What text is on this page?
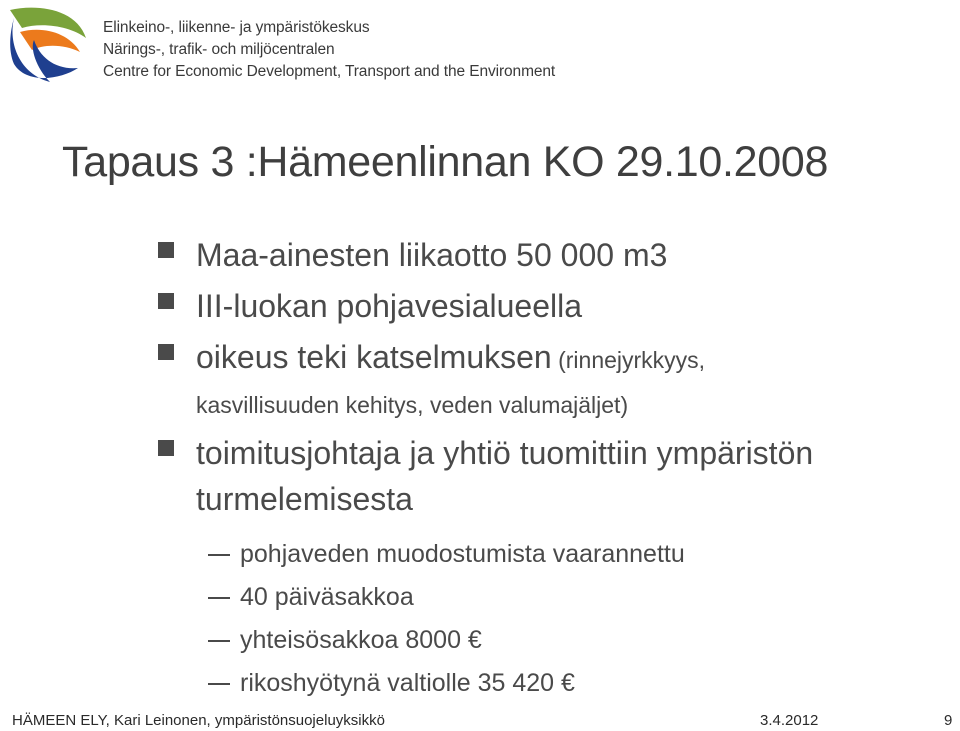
Elinkeino-, liikenne- ja ympäristökeskus
Närings-, trafik- och miljöcentralen
Centre for Economic Development, Transport and the Environment
Tapaus 3 :Hämeenlinnan KO 29.10.2008
Maa-ainesten liikaotto 50 000 m3
III-luokan pohjavesialueella
oikeus teki katselmuksen (rinnejyrkkyys,
kasvillisuuden kehitys, veden valumajäljet)
toimitusjohtaja ja yhtiö tuomittiin ympäristön
turmelemisesta
pohjaveden muodostumista vaarannettu
40 päiväsakkoa
yhteisösakkoa 8000 €
rikoshyötynä valtiolle 35 420 €
HÄMEEN ELY, Kari Leinonen, ympäristönsuojeluyksikkö	3.4.2012	9
